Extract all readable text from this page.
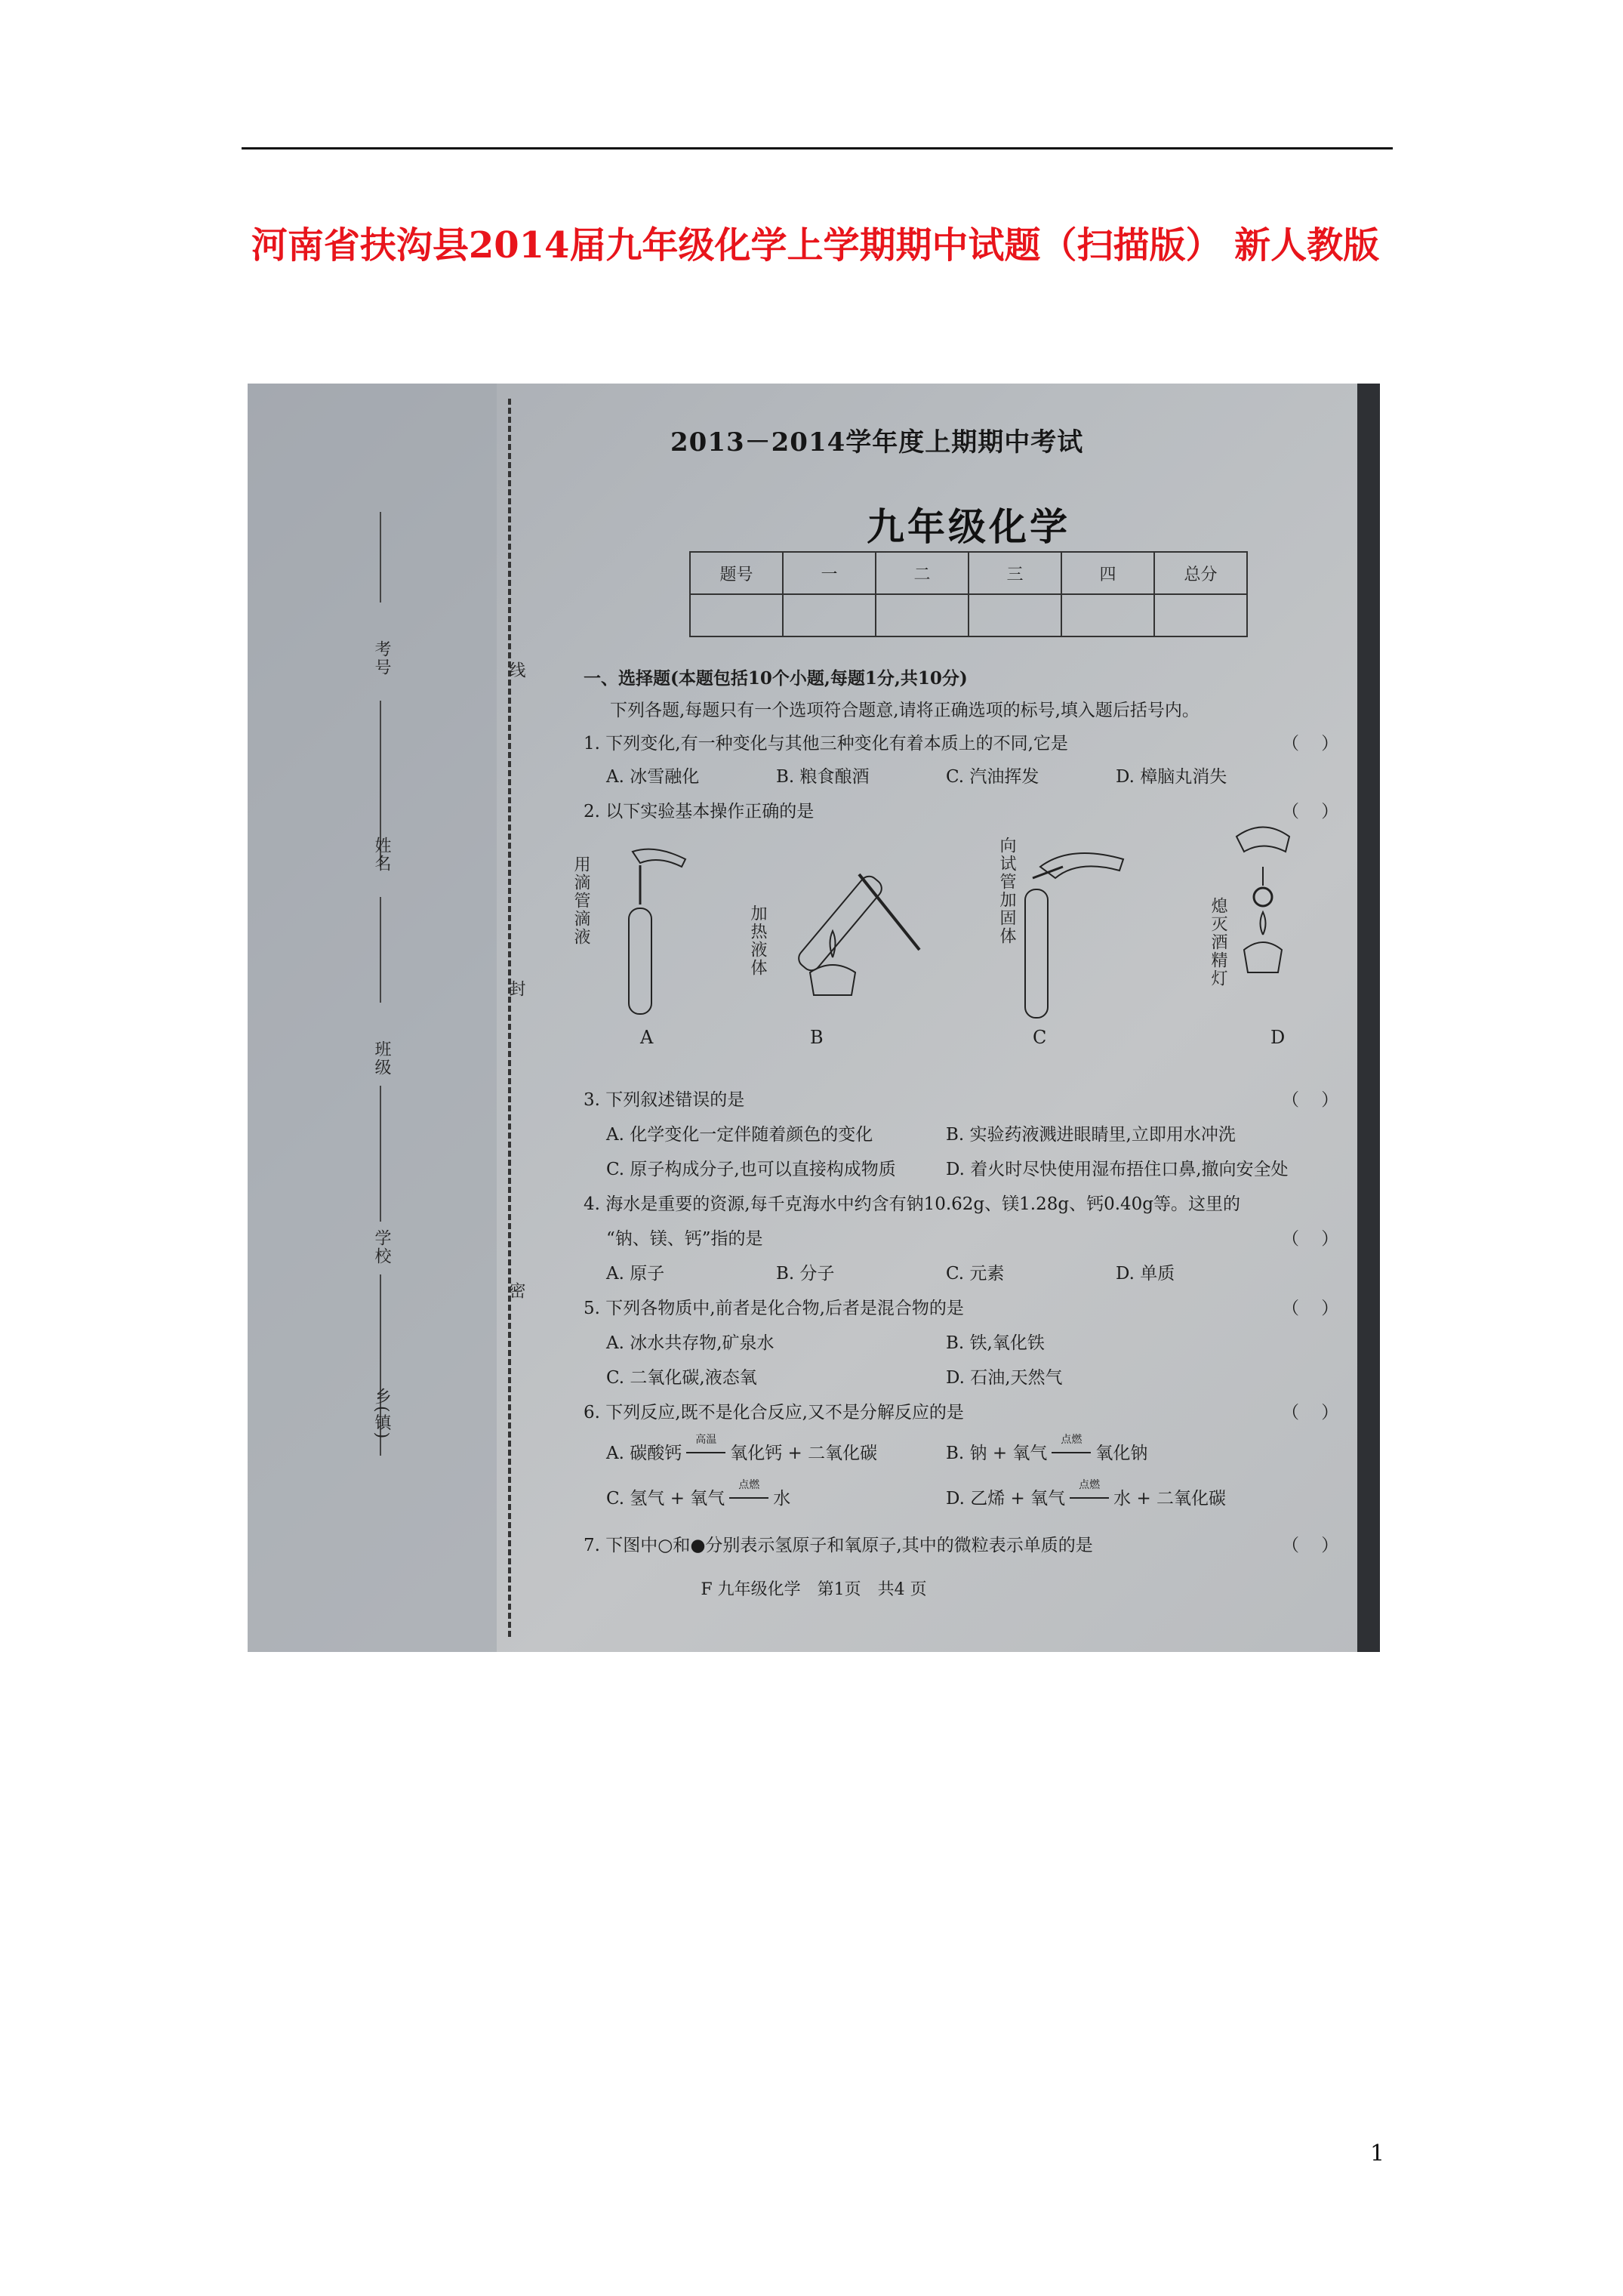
河南省扶沟县2014届九年级化学上学期期中试题（扫描版） 新人教版
考号
姓名
班级
学校
乡(镇)
线
封
密
2013－2014学年度上期期中考试
九年级化学
题号	一	二	三	四	总分

一、选择题(本题包括10个小题,每题1分,共10分)
下列各题,每题只有一个选项符合题意,请将正确选项的标号,填入题后括号内。
1. 下列变化,有一种变化与其他三种变化有着本质上的不同,它是	（    ）
A. 冰雪融化	B. 粮食酿酒	C. 汽油挥发	D. 樟脑丸消失
2. 以下实验基本操作正确的是	（    ）
用滴管滴液
A
加热液体
B
向试管加固体
C
熄灭酒精灯
D
3. 下列叙述错误的是	（    ）
A. 化学变化一定伴随着颜色的变化	B. 实验药液溅进眼睛里,立即用水冲洗
C. 原子构成分子,也可以直接构成物质	D. 着火时尽快使用湿布捂住口鼻,撤向安全处
4. 海水是重要的资源,每千克海水中约含有钠10.62g、镁1.28g、钙0.40g等。这里的
“钠、镁、钙”指的是	（    ）
A. 原子	B. 分子	C. 元素	D. 单质
5. 下列各物质中,前者是化合物,后者是混合物的是	（    ）
A. 冰水共存物,矿泉水	B. 铁,氧化铁
C. 二氧化碳,液态氧	D. 石油,天然气
6. 下列反应,既不是化合反应,又不是分解反应的是	（    ）
A. 碳酸钙
高温
氧化钙 + 二氧化碳	B. 钠 + 氧气
点燃
氧化钠
C. 氢气 + 氧气
点燃
水	D. 乙烯 + 氧气
点燃
水 + 二氧化碳
7. 下图中○和●分别表示氢原子和氧原子,其中的微粒表示单质的是	（    ）
F 九年级化学　第1页　共4 页
1
